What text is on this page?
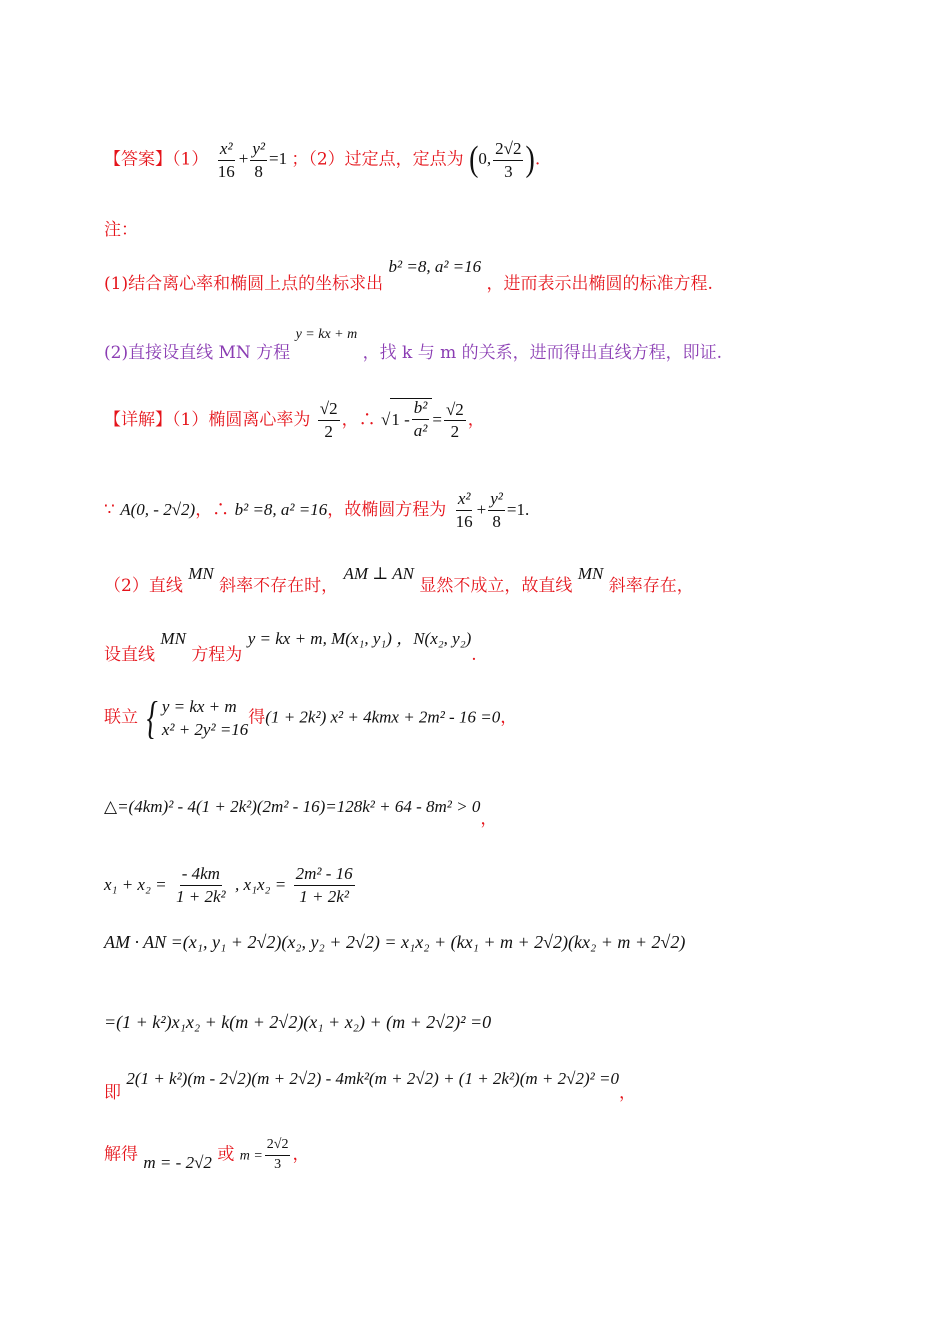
【答案】$(1) \frac{\text{x²}}{16} + \frac{\text{y²}}{8} =1$ ；（2）过定点，定点为 (0, $\frac{2√2}{3}$ ).
注：
(1)结合离心率和椭圆上点的坐标求出 b² =8, a² =16 ，进而表示出椭圆的标准方程.
(2)直接设直线 MN 方程 y = kx + m ，找 k 与 m 的关系，进而得出直线方程，即证.
【详解】（1）椭圆离心率为 $\frac{√2}{2}$ ，∴ √ $1 - \frac{\text{b²}}{\text{a²}} = \frac{√2}{2}$ ，
∵ A(0, - 2√2)，∴ b² =8, a² =16，故椭圆方程为 $\frac{\text{x²}}{16} + \frac{\text{y²}}{8} =1$.
（2）直线 MN 斜率不存在时， AM ⊥ AN 显然不成立，故直线 MN 斜率存在，
设直线 MN 方程为 y = kx + m, M(x₁, y₁) ，N(x₂, y₂).
联立 { y = kx + m
x² + 2y² =16
得(1 + 2k²) x² + 4kmx + 2m² - 16 =0，
△=(4km)² - 4(1 + 2k²)(2m² - 16)=128k² + 64 - 8m² > 0，
$x_1 + x_2 = \frac{- 4km}{\text{1 + 2k²}}$ , $x_1x_2 = \frac{\text{2m² - 16}}{\text{1 + 2k²}}$
AM · AN =(x₁, y₁ + 2√2)(x₂, y₂ + 2√2) = x₁x₂ + (kx₁ + m + 2√2)(kx₂ + m + 2√2)
=(1 + k²)x₁x₂ + k(m + 2√2)(x₁ + x₂) + (m + 2√2)² =0
即 2(1 + k²)(m - 2√2)(m + 2√2) - 4mk²(m + 2√2) + (1 + 2k²)(m + 2√2)² =0，
解得 m = - 2√2 或 $m = \frac{2√2}{3}$ ，
